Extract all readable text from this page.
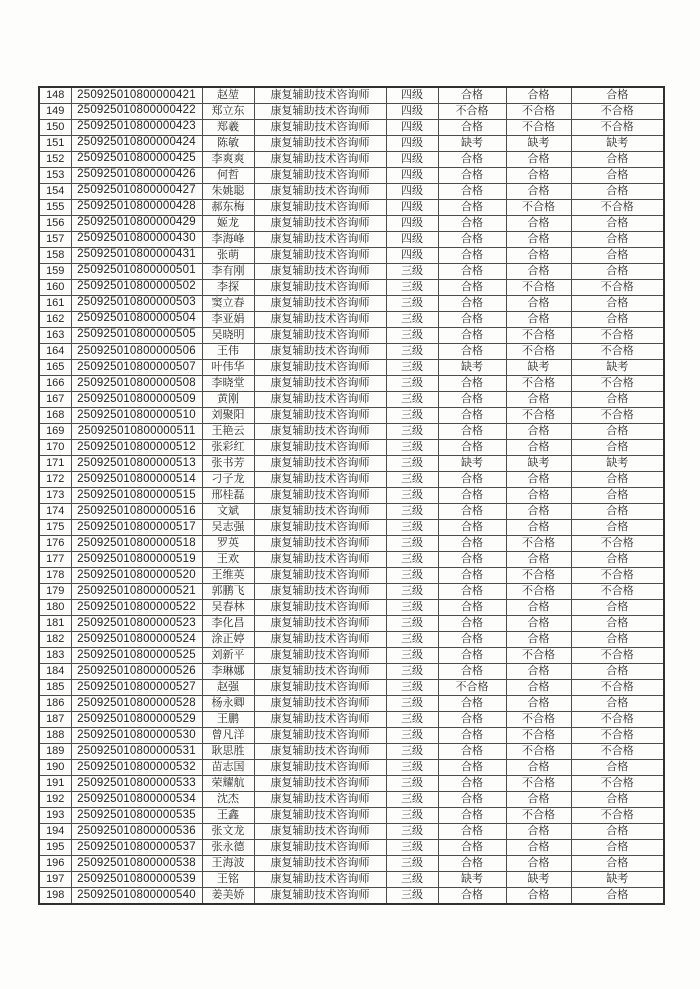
148	250925010800000421	赵堃	康复辅助技术咨询师	四级	合格	合格	合格
149	250925010800000422	郑立东	康复辅助技术咨询师	四级	不合格	不合格	不合格
150	250925010800000423	郑羲	康复辅助技术咨询师	四级	合格	不合格	不合格
151	250925010800000424	陈敏	康复辅助技术咨询师	四级	缺考	缺考	缺考
152	250925010800000425	李爽爽	康复辅助技术咨询师	四级	合格	合格	合格
153	250925010800000426	何哲	康复辅助技术咨询师	四级	合格	合格	合格
154	250925010800000427	朱姚聪	康复辅助技术咨询师	四级	合格	合格	合格
155	250925010800000428	郝东梅	康复辅助技术咨询师	四级	合格	不合格	不合格
156	250925010800000429	姬龙	康复辅助技术咨询师	四级	合格	合格	合格
157	250925010800000430	李海峰	康复辅助技术咨询师	四级	合格	合格	合格
158	250925010800000431	张萌	康复辅助技术咨询师	四级	合格	合格	合格
159	250925010800000501	李有刚	康复辅助技术咨询师	三级	合格	合格	合格
160	250925010800000502	李探	康复辅助技术咨询师	三级	合格	不合格	不合格
161	250925010800000503	窦立春	康复辅助技术咨询师	三级	合格	合格	合格
162	250925010800000504	李亚娟	康复辅助技术咨询师	三级	合格	合格	合格
163	250925010800000505	吴晓明	康复辅助技术咨询师	三级	合格	不合格	不合格
164	250925010800000506	王伟	康复辅助技术咨询师	三级	合格	不合格	不合格
165	250925010800000507	叶伟华	康复辅助技术咨询师	三级	缺考	缺考	缺考
166	250925010800000508	李晓堂	康复辅助技术咨询师	三级	合格	不合格	不合格
167	250925010800000509	黄刚	康复辅助技术咨询师	三级	合格	合格	合格
168	250925010800000510	刘聚阳	康复辅助技术咨询师	三级	合格	不合格	不合格
169	250925010800000511	王艳云	康复辅助技术咨询师	三级	合格	合格	合格
170	250925010800000512	张彩红	康复辅助技术咨询师	三级	合格	合格	合格
171	250925010800000513	张书芳	康复辅助技术咨询师	三级	缺考	缺考	缺考
172	250925010800000514	刁子龙	康复辅助技术咨询师	三级	合格	合格	合格
173	250925010800000515	邢桂磊	康复辅助技术咨询师	三级	合格	合格	合格
174	250925010800000516	文斌	康复辅助技术咨询师	三级	合格	合格	合格
175	250925010800000517	吴志强	康复辅助技术咨询师	三级	合格	合格	合格
176	250925010800000518	罗英	康复辅助技术咨询师	三级	合格	不合格	不合格
177	250925010800000519	王欢	康复辅助技术咨询师	三级	合格	合格	合格
178	250925010800000520	王维英	康复辅助技术咨询师	三级	合格	不合格	不合格
179	250925010800000521	郭鹏飞	康复辅助技术咨询师	三级	合格	不合格	不合格
180	250925010800000522	吴春林	康复辅助技术咨询师	三级	合格	合格	合格
181	250925010800000523	李化昌	康复辅助技术咨询师	三级	合格	合格	合格
182	250925010800000524	涂正婷	康复辅助技术咨询师	三级	合格	合格	合格
183	250925010800000525	刘新平	康复辅助技术咨询师	三级	合格	不合格	不合格
184	250925010800000526	李琳娜	康复辅助技术咨询师	三级	合格	合格	合格
185	250925010800000527	赵强	康复辅助技术咨询师	三级	不合格	合格	不合格
186	250925010800000528	杨永卿	康复辅助技术咨询师	三级	合格	合格	合格
187	250925010800000529	王鹏	康复辅助技术咨询师	三级	合格	不合格	不合格
188	250925010800000530	曾凡洋	康复辅助技术咨询师	三级	合格	不合格	不合格
189	250925010800000531	耿思胜	康复辅助技术咨询师	三级	合格	不合格	不合格
190	250925010800000532	苗志国	康复辅助技术咨询师	三级	合格	合格	合格
191	250925010800000533	荣耀航	康复辅助技术咨询师	三级	合格	不合格	不合格
192	250925010800000534	沈杰	康复辅助技术咨询师	三级	合格	合格	合格
193	250925010800000535	王鑫	康复辅助技术咨询师	三级	合格	不合格	不合格
194	250925010800000536	张文龙	康复辅助技术咨询师	三级	合格	合格	合格
195	250925010800000537	张永德	康复辅助技术咨询师	三级	合格	合格	合格
196	250925010800000538	王海波	康复辅助技术咨询师	三级	合格	合格	合格
197	250925010800000539	王铭	康复辅助技术咨询师	三级	缺考	缺考	缺考
198	250925010800000540	姜美娇	康复辅助技术咨询师	三级	合格	合格	合格
